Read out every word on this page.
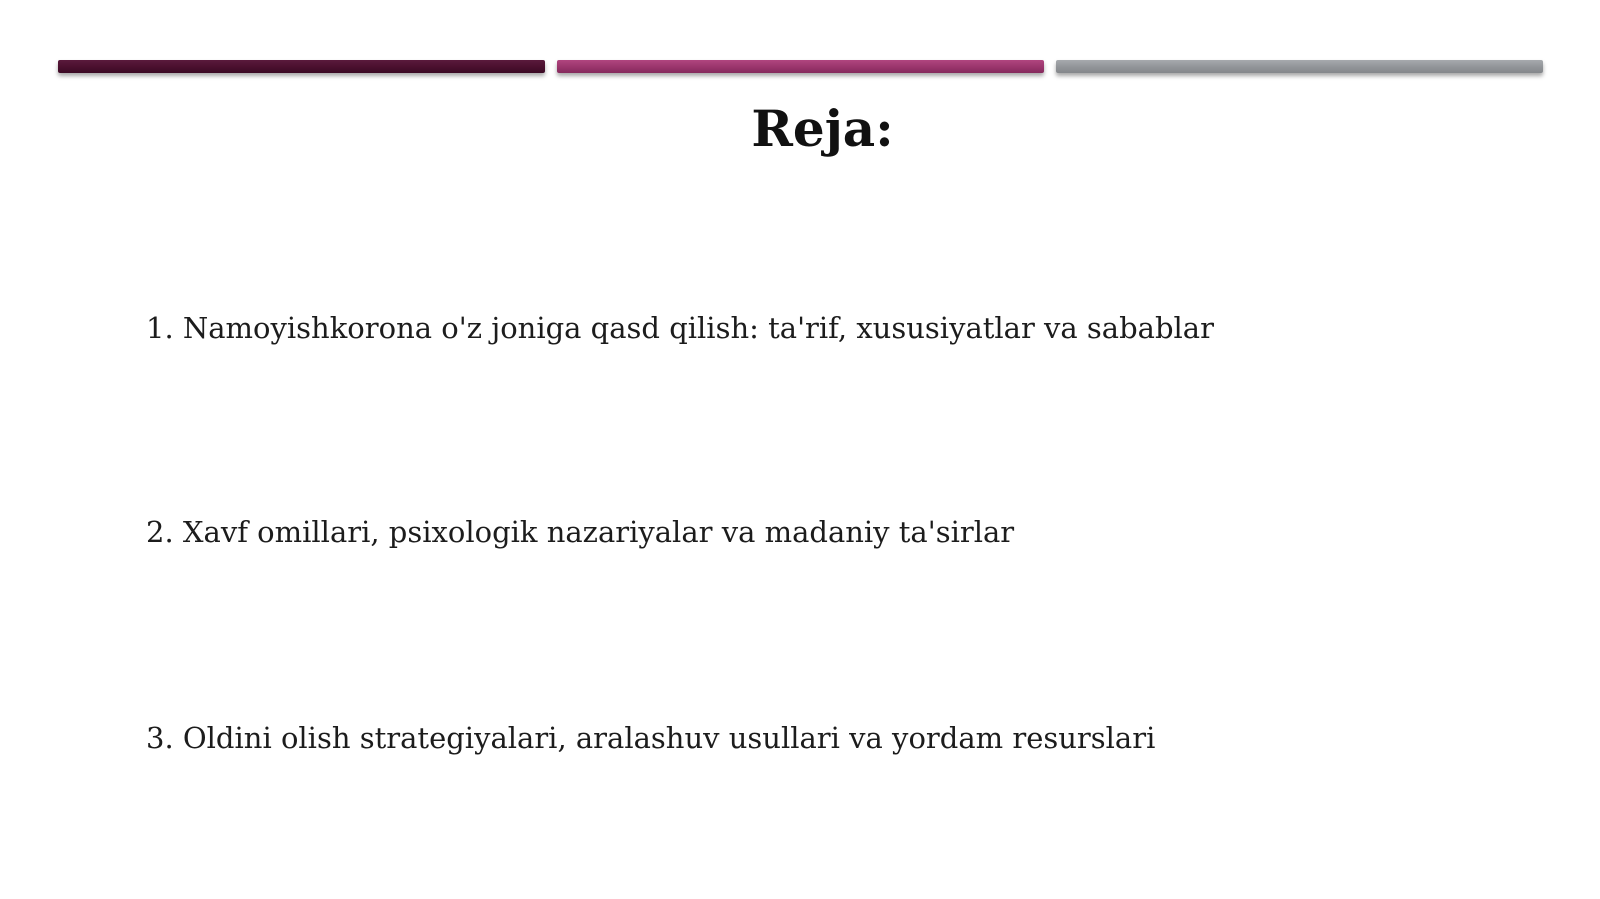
Reja:

1. Namoyishkorona o'z joniga qasd qilish: ta'rif, xususiyatlar va sabablar

2. Xavf omillari, psixologik nazariyalar va madaniy ta'sirlar

3. Oldini olish strategiyalari, aralashuv usullari va yordam resurslari
